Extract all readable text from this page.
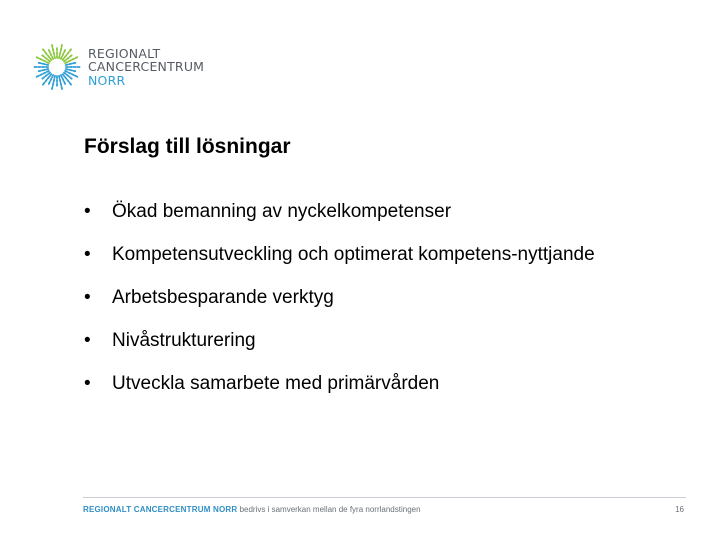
REGIONALT
CANCERCENTRUM
NORR
Förslag till lösningar
• Ökad bemanning av nyckelkompetenser
• Kompetensutveckling och optimerat kompetens-nyttjande
• Arbetsbesparande verktyg
• Nivåstrukturering
• Utveckla samarbete med primärvården
REGIONALT CANCERCENTRUM NORR bedrivs i samverkan mellan de fyra norrlandstingen	16
